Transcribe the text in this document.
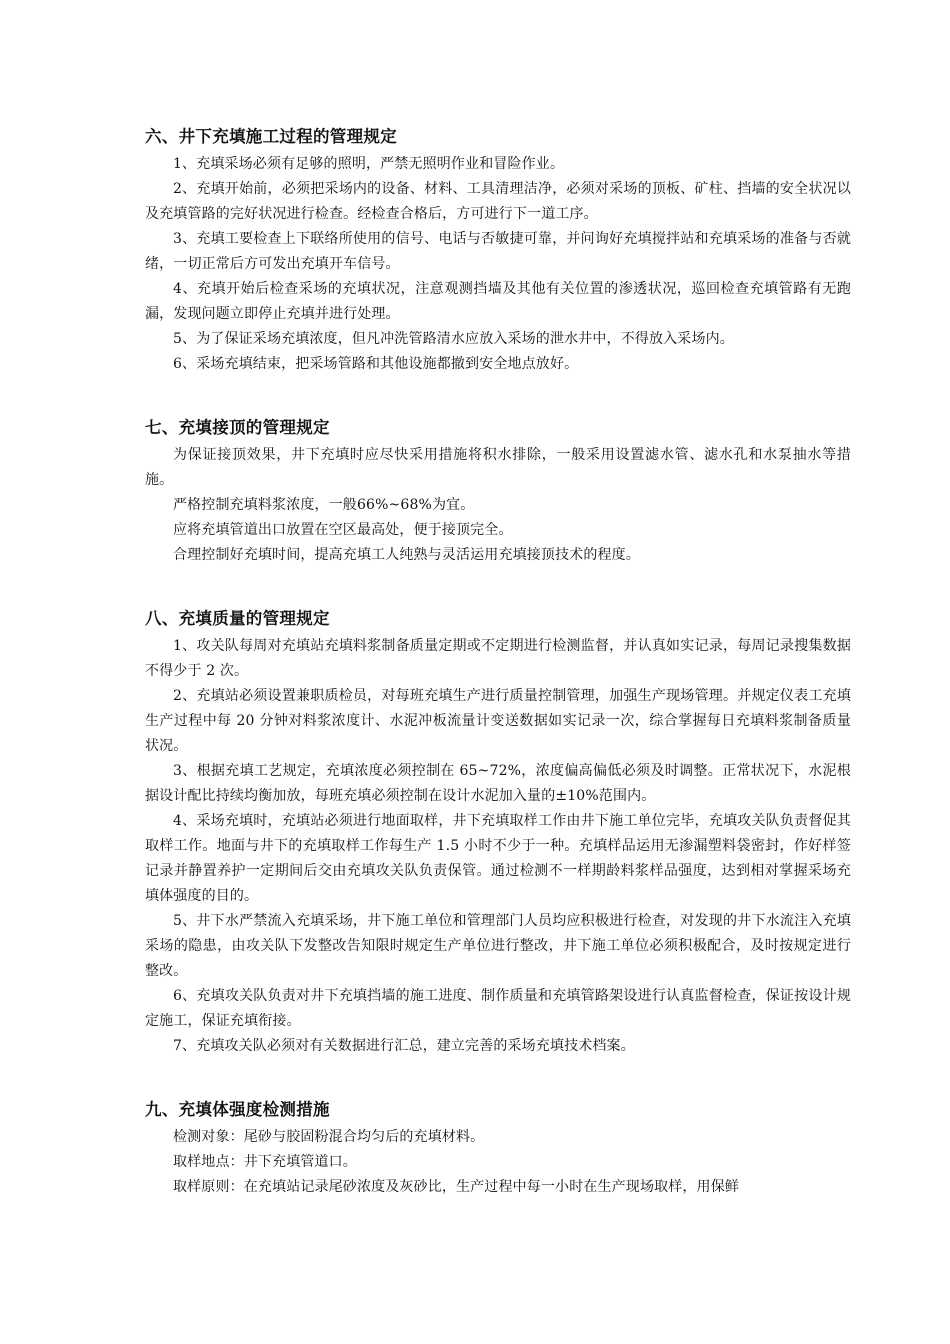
六、井下充填施工过程的管理规定

1、充填采场必须有足够的照明，严禁无照明作业和冒险作业。

2、充填开始前，必须把采场内的设备、材料、工具清理洁净，必须对采场的顶板、矿柱、挡墙的安全状况以及充填管路的完好状况进行检查。经检查合格后，方可进行下一道工序。

3、充填工要检查上下联络所使用的信号、电话与否敏捷可靠，并问询好充填搅拌站和充填采场的准备与否就绪，一切正常后方可发出充填开车信号。

4、充填开始后检查采场的充填状况，注意观测挡墙及其他有关位置的渗透状况，巡回检查充填管路有无跑漏，发现问题立即停止充填并进行处理。

5、为了保证采场充填浓度，但凡冲洗管路清水应放入采场的泄水井中，不得放入采场内。

6、采场充填结束，把采场管路和其他设施都撤到安全地点放好。

七、充填接顶的管理规定

为保证接顶效果，井下充填时应尽快采用措施将积水排除，一般采用设置滤水管、滤水孔和水泵抽水等措施。

严格控制充填料浆浓度，一般66%~68%为宜。

应将充填管道出口放置在空区最高处，便于接顶完全。

合理控制好充填时间，提高充填工人纯熟与灵活运用充填接顶技术的程度。

八、充填质量的管理规定

1、攻关队每周对充填站充填料浆制备质量定期或不定期进行检测监督，并认真如实记录，每周记录搜集数据不得少于 2 次。

2、充填站必须设置兼职质检员，对每班充填生产进行质量控制管理，加强生产现场管理。并规定仪表工充填生产过程中每 20 分钟对料浆浓度计、水泥冲板流量计变送数据如实记录一次，综合掌握每日充填料浆制备质量状况。

3、根据充填工艺规定，充填浓度必须控制在 65~72%，浓度偏高偏低必须及时调整。正常状况下，水泥根据设计配比持续均衡加放，每班充填必须控制在设计水泥加入量的±10%范围内。

4、采场充填时，充填站必须进行地面取样，井下充填取样工作由井下施工单位完毕，充填攻关队负责督促其取样工作。地面与井下的充填取样工作每生产 1.5 小时不少于一种。充填样品运用无渗漏塑料袋密封，作好样签记录并静置养护一定期间后交由充填攻关队负责保管。通过检测不一样期龄料浆样品强度，达到相对掌握采场充填体强度的目的。

5、井下水严禁流入充填采场，井下施工单位和管理部门人员均应积极进行检查，对发现的井下水流注入充填采场的隐患，由攻关队下发整改告知限时规定生产单位进行整改，井下施工单位必须积极配合，及时按规定进行整改。

6、充填攻关队负责对井下充填挡墙的施工进度、制作质量和充填管路架设进行认真监督检查，保证按设计规定施工，保证充填衔接。

7、充填攻关队必须对有关数据进行汇总，建立完善的采场充填技术档案。

九、充填体强度检测措施

检测对象：尾砂与胶固粉混合均匀后的充填材料。

取样地点：井下充填管道口。

取样原则：在充填站记录尾砂浓度及灰砂比，生产过程中每一小时在生产现场取样，用保鲜
